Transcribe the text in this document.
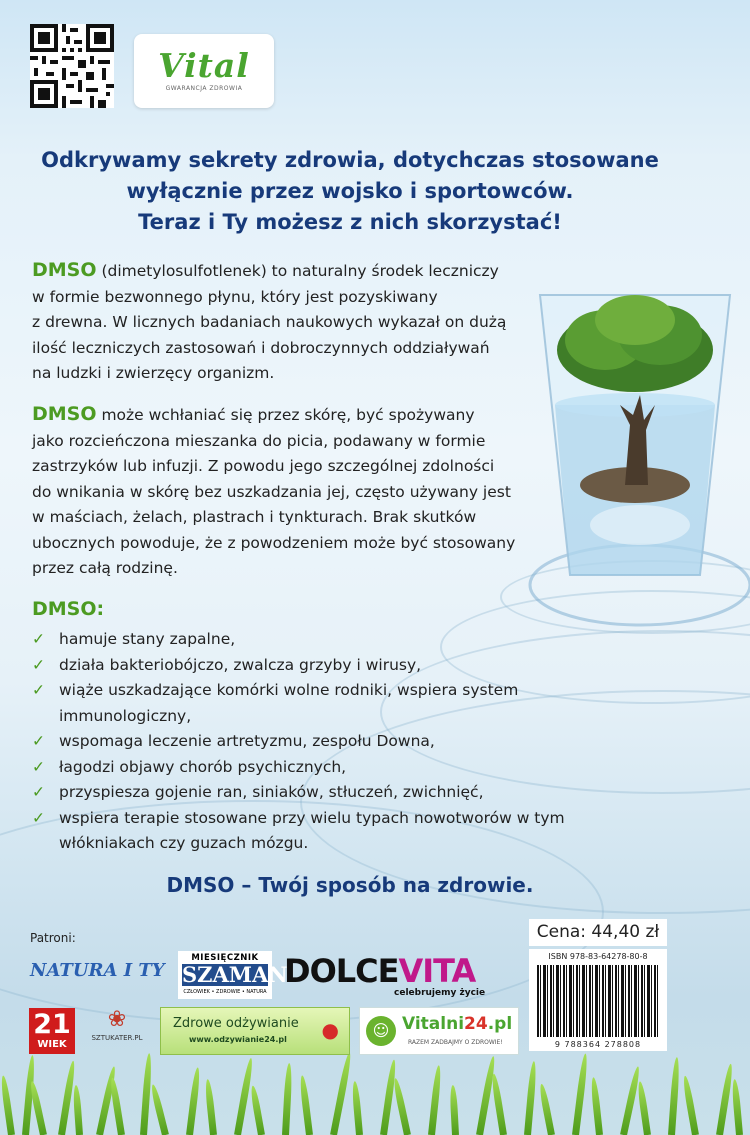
Vital
GWARANCJA ZDROWIA
Odkrywamy sekrety zdrowia, dotychczas stosowane
wyłącznie przez wojsko i sportowców.
Teraz i Ty możesz z nich skorzystać!

DMSO (dimetylosulfotlenek) to naturalny środek leczniczy

w formie bezwonnego płynu, który jest pozyskiwany

z drewna. W licznych badaniach naukowych wykazał on dużą

ilość leczniczych zastosowań i dobroczynnych oddziaływań

na ludzki i zwierzęcy organizm.

DMSO może wchłaniać się przez skórę, być spożywany

jako rozcieńczona mieszanka do picia, podawany w formie

zastrzyków lub infuzji. Z powodu jego szczególnej zdolności

do wnikania w skórę bez uszkadzania jej, często używany jest

w maściach, żelach, plastrach i tynkturach. Brak skutków

ubocznych powoduje, że z powodzeniem może być stosowany

przez całą rodzinę.

DMSO:
✓ hamuje stany zapalne,
✓ działa bakteriobójczo, zwalcza grzyby i wirusy,
✓ wiąże uszkadzające komórki wolne rodniki, wspiera system
immunologiczny,
✓ wspomaga leczenie artretyzmu, zespołu Downa,
✓ łagodzi objawy chorób psychicznych,
✓ przyspiesza gojenie ran, siniaków, stłuczeń, zwichnięć,
✓ wspiera terapie stosowane przy wielu typach nowotworów w tym
włókniakach czy guzach mózgu.
DMSO – Twój sposób na zdrowie.
Patroni:	Cena: 44,40 zł
ISBN 978-83-64278-80-8
9 788364 278808
NATURA I TY
MIESIĘCZNIK
SZAMAN
CZŁOWIEK • ZDROWIE • NATURA
DOLCEVITA
celebrujemy życie
21
WIEK
❀
SZTUKATER.PL
Zdrowe odżywianie
www.odzywianie24.pl ●	☺ Vitalni24.pl
RAZEM ZADBAJMY O ZDROWIE!
